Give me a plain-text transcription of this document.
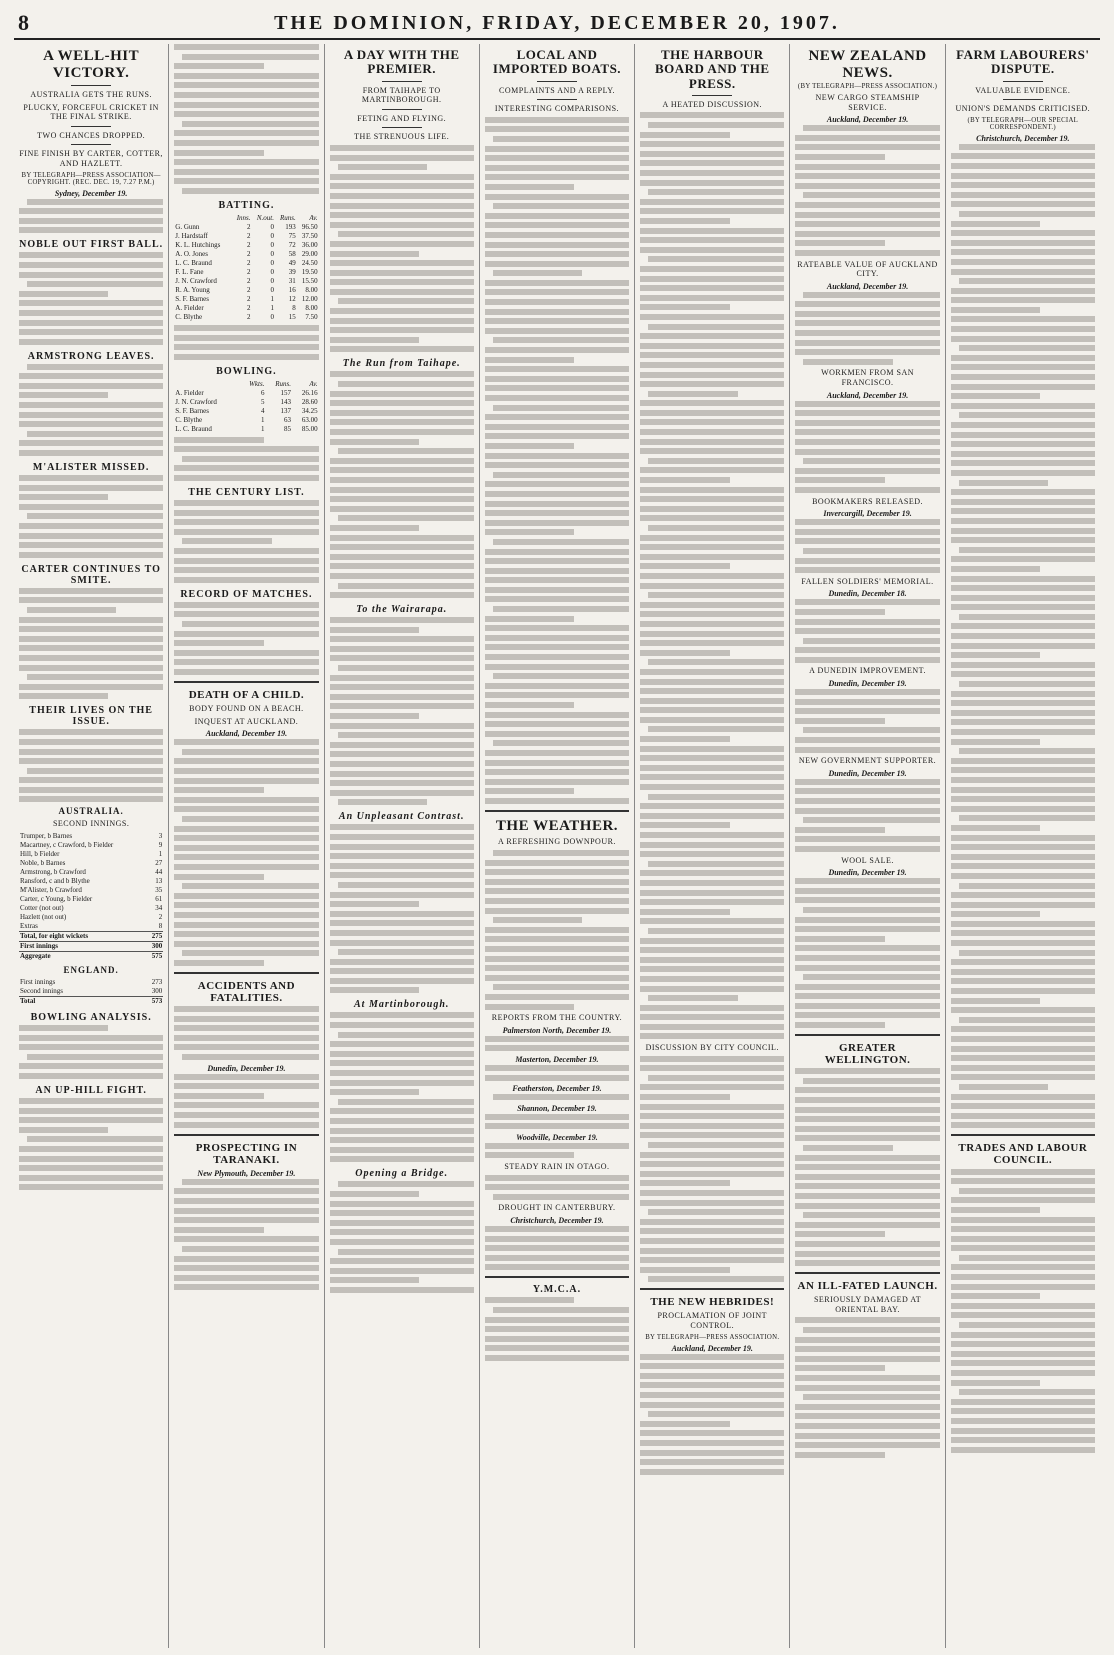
8	THE DOMINION, FRIDAY, DECEMBER 20, 1907.
A WELL-HIT VICTORY.
AUSTRALIA GETS THE RUNS.
PLUCKY, FORCEFUL CRICKET IN THE FINAL STRIKE.
TWO CHANCES DROPPED.
FINE FINISH BY CARTER, COTTER, AND HAZLETT.
BY TELEGRAPH—PRESS ASSOCIATION—COPYRIGHT. (REC. DEC. 19, 7.27 P.M.)
Sydney, December 19.

NOBLE OUT FIRST BALL.

ARMSTRONG LEAVES.

M'ALISTER MISSED.

CARTER CONTINUES TO SMITE.

THEIR LIVES ON THE ISSUE.

AUSTRALIA.
SECOND INNINGS.
Trumper, b Barnes	3
Macartney, c Crawford, b Fielder	9
Hill, b Fielder	1
Noble, b Barnes	27
Armstrong, b Crawford	44
Ransford, c and b Blythe	13
M'Alister, b Crawford	35
Carter, c Young, b Fielder	61
Cotter (not out)	34
Hazlett (not out)	2
Extras	8
Total, for eight wickets	275
First innings	300
Aggregate	575
ENGLAND.
First innings	273
Second innings	300
Total	573
BOWLING ANALYSIS.

AN UP-HILL FIGHT.

BATTING.
	Inns.	N.out.	Runs.	Av.
G. Gunn	2	0	193	96.50
J. Hardstaff	2	0	75	37.50
K. L. Hutchings	2	0	72	36.00
A. O. Jones	2	0	58	29.00
L. C. Braund	2	0	49	24.50
F. L. Fane	2	0	39	19.50
J. N. Crawford	2	0	31	15.50
R. A. Young	2	0	16	8.00
S. F. Barnes	2	1	12	12.00
A. Fielder	2	1	8	8.00
C. Blythe	2	0	15	7.50

BOWLING.
	Wkts.	Runs.	Av.
A. Fielder	6	157	26.16
J. N. Crawford	5	143	28.60
S. F. Barnes	4	137	34.25
C. Blythe	1	63	63.00
L. C. Braund	1	85	85.00

THE CENTURY LIST.

RECORD OF MATCHES.

DEATH OF A CHILD.
BODY FOUND ON A BEACH.
INQUEST AT AUCKLAND.
Auckland, December 19.

ACCIDENTS AND FATALITIES.

Dunedin, December 19.

PROSPECTING IN TARANAKI.
New Plymouth, December 19.

A DAY WITH THE PREMIER.
FROM TAIHAPE TO MARTINBOROUGH.
FETING AND FLYING.
THE STRENUOUS LIFE.

The Run from Taihape.

To the Wairarapa.

An Unpleasant Contrast.

At Martinborough.

Opening a Bridge.

LOCAL AND IMPORTED BOATS.
COMPLAINTS AND A REPLY.
INTERESTING COMPARISONS.

THE WEATHER.
A REFRESHING DOWNPOUR.

REPORTS FROM THE COUNTRY.
Palmerston North, December 19.

Masterton, December 19.

Featherston, December 19.

Shannon, December 19.

Woodville, December 19.

STEADY RAIN IN OTAGO.

DROUGHT IN CANTERBURY.
Christchurch, December 19.

Y.M.C.A.

THE HARBOUR BOARD AND THE PRESS.
A HEATED DISCUSSION.

DISCUSSION BY CITY COUNCIL.

THE NEW HEBRIDES!
PROCLAMATION OF JOINT CONTROL.
BY TELEGRAPH—PRESS ASSOCIATION.
Auckland, December 19.

NEW ZEALAND NEWS.
(BY TELEGRAPH—PRESS ASSOCIATION.)
NEW CARGO STEAMSHIP SERVICE.
Auckland, December 19.

RATEABLE VALUE OF AUCKLAND CITY.
Auckland, December 19.

WORKMEN FROM SAN FRANCISCO.
Auckland, December 19.

BOOKMAKERS RELEASED.
Invercargill, December 19.

FALLEN SOLDIERS' MEMORIAL.
Dunedin, December 18.

A DUNEDIN IMPROVEMENT.
Dunedin, December 19.

NEW GOVERNMENT SUPPORTER.
Dunedin, December 19.

WOOL SALE.
Dunedin, December 19.

GREATER WELLINGTON.

AN ILL-FATED LAUNCH.
SERIOUSLY DAMAGED AT ORIENTAL BAY.

FARM LABOURERS' DISPUTE.
VALUABLE EVIDENCE.
UNION'S DEMANDS CRITICISED.
(BY TELEGRAPH—OUR SPECIAL CORRESPONDENT.)
Christchurch, December 19.

TRADES AND LABOUR COUNCIL.
